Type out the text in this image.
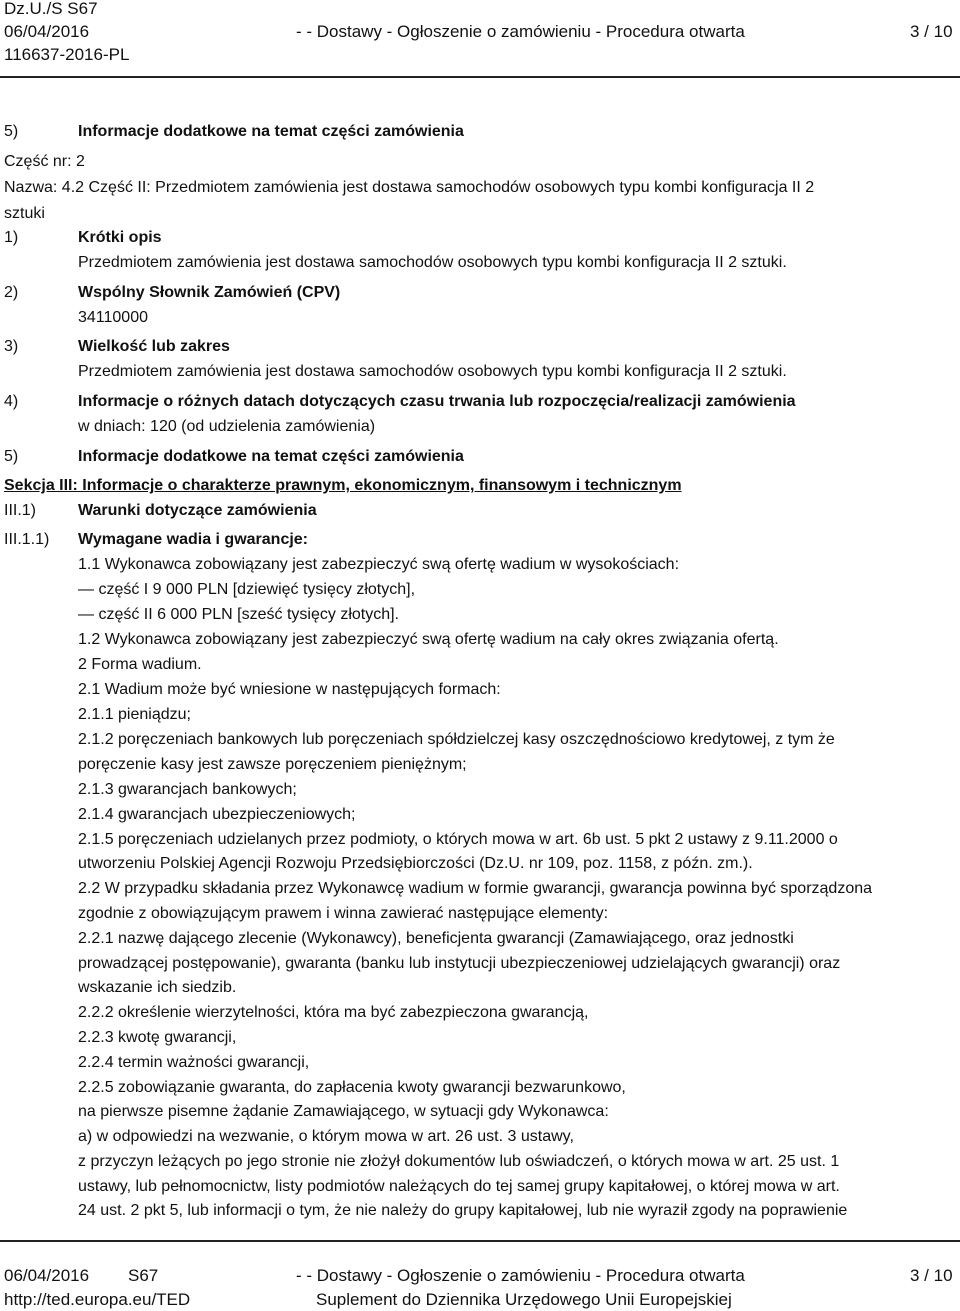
Dz.U./S S67
06/04/2016	- - Dostawy - Ogłoszenie o zamówieniu - Procedura otwarta	3 / 10
116637-2016-PL
5)	Informacje dodatkowe na temat części zamówienia
Część nr: 2
Nazwa: 4.2 Część II: Przedmiotem zamówienia jest dostawa samochodów osobowych typu kombi konfiguracja II 2
sztuki
1)	Krótki opis
Przedmiotem zamówienia jest dostawa samochodów osobowych typu kombi konfiguracja II 2 sztuki.
2)	Wspólny Słownik Zamówień (CPV)
34110000
3)	Wielkość lub zakres
Przedmiotem zamówienia jest dostawa samochodów osobowych typu kombi konfiguracja II 2 sztuki.
4)	Informacje o różnych datach dotyczących czasu trwania lub rozpoczęcia/realizacji zamówienia
w dniach: 120 (od udzielenia zamówienia)
5)	Informacje dodatkowe na temat części zamówienia
Sekcja III: Informacje o charakterze prawnym, ekonomicznym, finansowym i technicznym
III.1)	Warunki dotyczące zamówienia
III.1.1) Wymagane wadia i gwarancje:
1.1 Wykonawca zobowiązany jest zabezpieczyć swą ofertę wadium w wysokościach:
— część I 9 000 PLN [dziewięć tysięcy złotych],
— część II 6 000 PLN [sześć tysięcy złotych].
1.2 Wykonawca zobowiązany jest zabezpieczyć swą ofertę wadium na cały okres związania ofertą.
2 Forma wadium.
2.1 Wadium może być wniesione w następujących formach:
2.1.1 pieniądzu;
2.1.2 poręczeniach bankowych lub poręczeniach spółdzielczej kasy oszczędnościowo kredytowej, z tym że
poręczenie kasy jest zawsze poręczeniem pieniężnym;
2.1.3 gwarancjach bankowych;
2.1.4 gwarancjach ubezpieczeniowych;
2.1.5 poręczeniach udzielanych przez podmioty, o których mowa w art. 6b ust. 5 pkt 2 ustawy z 9.11.2000 o
utworzeniu Polskiej Agencji Rozwoju Przedsiębiorczości (Dz.U. nr 109, poz. 1158, z późn. zm.).
2.2 W przypadku składania przez Wykonawcę wadium w formie gwarancji, gwarancja powinna być sporządzona
zgodnie z obowiązującym prawem i winna zawierać następujące elementy:
2.2.1 nazwę dającego zlecenie (Wykonawcy), beneficjenta gwarancji (Zamawiającego, oraz jednostki
prowadzącej postępowanie), gwaranta (banku lub instytucji ubezpieczeniowej udzielających gwarancji) oraz
wskazanie ich siedzib.
2.2.2 określenie wierzytelności, która ma być zabezpieczona gwarancją,
2.2.3 kwotę gwarancji,
2.2.4 termin ważności gwarancji,
2.2.5 zobowiązanie gwaranta, do zapłacenia kwoty gwarancji bezwarunkowo,
na pierwsze pisemne żądanie Zamawiającego, w sytuacji gdy Wykonawca:
a) w odpowiedzi na wezwanie, o którym mowa w art. 26 ust. 3 ustawy,
z przyczyn leżących po jego stronie nie złożył dokumentów lub oświadczeń, o których mowa w art. 25 ust. 1
ustawy, lub pełnomocnictw, listy podmiotów należących do tej samej grupy kapitałowej, o której mowa w art.
24 ust. 2 pkt 5, lub informacji o tym, że nie należy do grupy kapitałowej, lub nie wyraził zgody na poprawienie
06/04/2016 S67	- - Dostawy - Ogłoszenie o zamówieniu - Procedura otwarta	3 / 10
http://ted.europa.eu/TED	Suplement do Dziennika Urzędowego Unii Europejskiej
